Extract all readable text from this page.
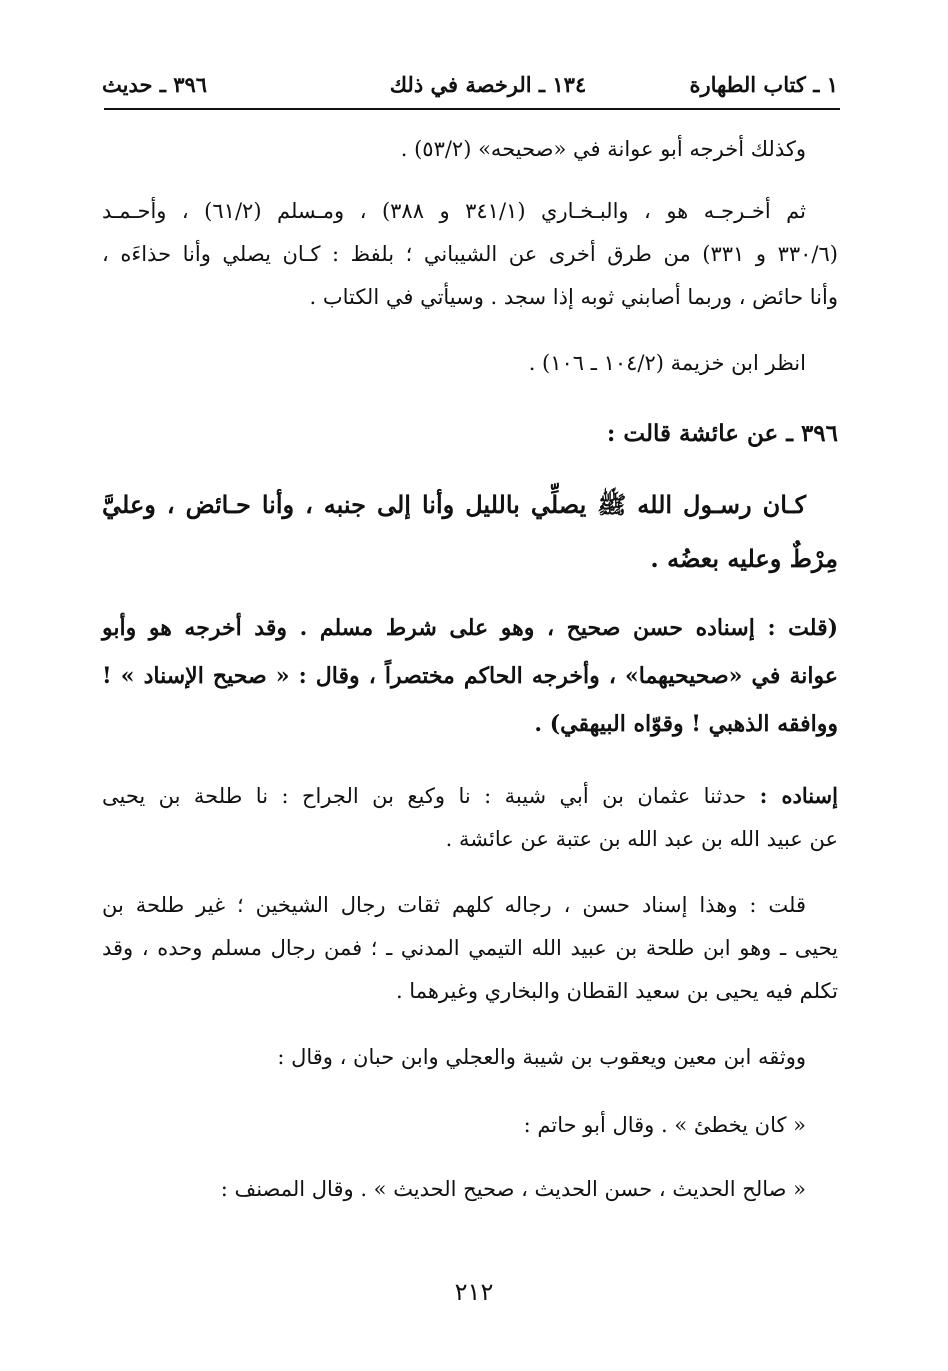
١ ـ كتاب الطهارة
١٣٤ ـ الرخصة في ذلك
٣٩٦ ـ حديث

وكذلك أخرجه أبو عوانة في «صحيحه» (٥٣/٢) .

ثم أخـرجـه هو ، والبـخـاري (٣٤١/١ و ٣٨٨) ، ومـسلم (٦١/٢) ، وأحـمـد
(٣٣٠/٦ و ٣٣١) من طرق أخرى عن الشيباني ؛ بلفظ : كـان يصلي وأنا حذاءَه ،
وأنا حائض ، وربما أصابني ثوبه إذا سجد . وسيأتي في الكتاب .

انظر ابن خزيمة (١٠٤/٢ ـ ١٠٦) .

٣٩٦ ـ عن عائشة قالت :

كـان رسـول الله ﷺ يصلِّي بالليل وأنا إلى جنبه ، وأنا حـائض ، وعليَّ
مِرْطٌ وعليه بعضُه .

(قلت : إسناده حسن صحيح ، وهو على شرط مسلم . وقد أخرجه هو وأبو
عوانة في «صحيحيهما» ، وأخرجه الحاكم مختصراً ، وقال : « صحيح الإسناد » !
ووافقه الذهبي ! وقوّاه البيهقي) .

إسناده : حدثنا عثمان بن أبي شيبة : نا وكيع بن الجراح : نا طلحة بن يحيى
عن عبيد الله بن عبد الله بن عتبة عن عائشة .

قلت : وهذا إسناد حسن ، رجاله كلهم ثقات رجال الشيخين ؛ غير طلحة بن
يحيى ـ وهو ابن طلحة بن عبيد الله التيمي المدني ـ ؛ فمن رجال مسلم وحده ، وقد
تكلم فيه يحيى بن سعيد القطان والبخاري وغيرهما .

ووثقه ابن معين ويعقوب بن شيبة والعجلي وابن حبان ، وقال :

« كان يخطئ » . وقال أبو حاتم :

« صالح الحديث ، حسن الحديث ، صحيح الحديث » . وقال المصنف :

٢١٢
